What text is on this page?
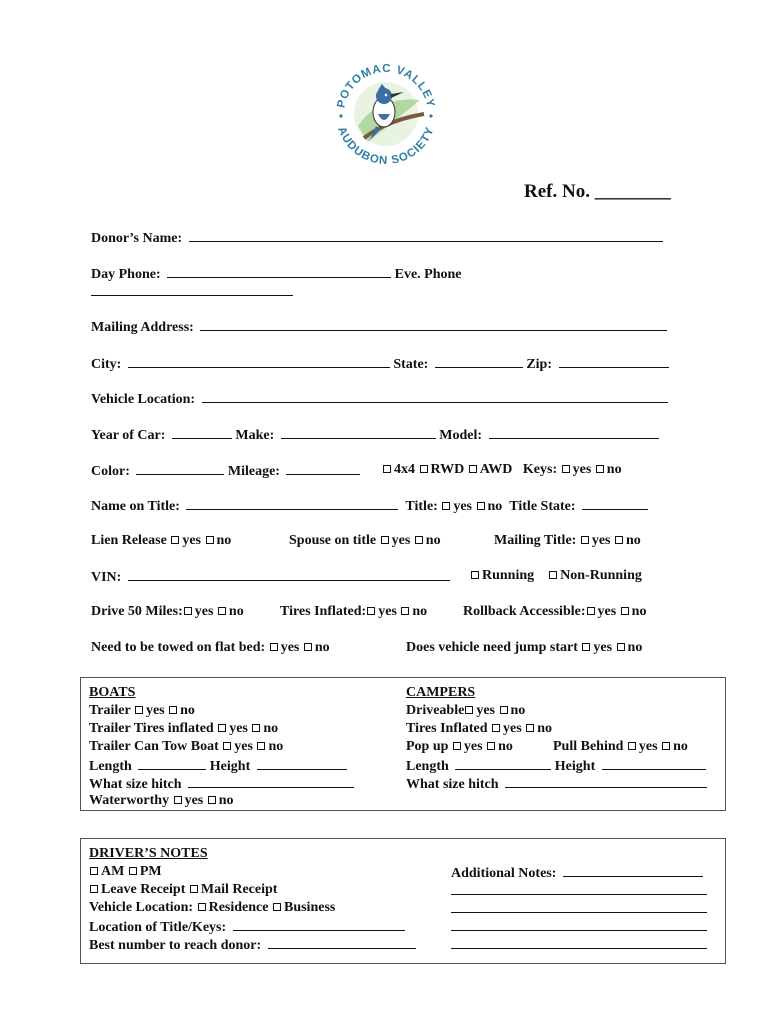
POTOMAC VALLEY
AUDUBON SOCIETY
Ref. No. ________
Donor’s Name:
Day Phone:	Eve. Phone
Mailing Address:
City:	State:	Zip:
Vehicle Location:
Year of Car:	Make:	Model:
Color:	Mileage:	4x4 RWD AWD Keys: yes no
Name on Title:	Title: yes no Title State:
Lien Release yes no	Spouse on title yes no	Mailing Title: yes no
VIN:	Running Non-Running
Drive 50 Miles: yes no	Tires Inflated: yes no	Rollback Accessible: yes no
Need to be towed on flat bed: yes no	Does vehicle need jump start yes no
BOATS
Trailer yes no
Trailer Tires inflated yes no
Trailer Can Tow Boat yes no
Length	Height
What size hitch
Waterworthy yes no
CAMPERS
Driveable yes no
Tires Inflated yes no
Pop up yes no	Pull Behind yes no
Length	Height
What size hitch
DRIVER’S NOTES
AM PM
Leave Receipt Mail Receipt
Vehicle Location: Residence Business
Location of Title/Keys:
Best number to reach donor:
Additional Notes:
